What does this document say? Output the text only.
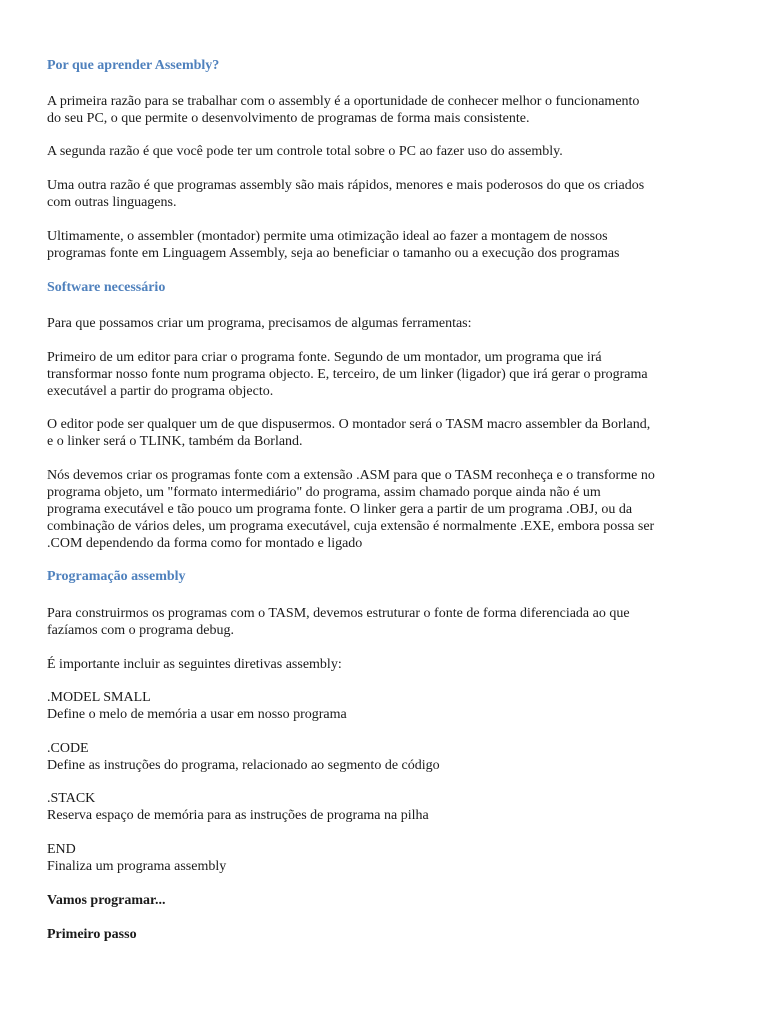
Por que aprender Assembly?
A primeira razão para se trabalhar com o assembly é a oportunidade de conhecer melhor o funcionamento
do seu PC, o que permite o desenvolvimento de programas de forma mais consistente.
A segunda razão é que você pode ter um controle total sobre o PC ao fazer uso do assembly.
Uma outra razão é que programas assembly são mais rápidos, menores e mais poderosos do que os criados
com outras linguagens.
Ultimamente, o assembler (montador) permite uma otimização ideal ao fazer a montagem de nossos
programas fonte em Linguagem Assembly, seja ao beneficiar o tamanho ou a execução dos programas
Software necessário
Para que possamos criar um programa, precisamos de algumas ferramentas:
Primeiro de um editor para criar o programa fonte. Segundo de um montador, um programa que irá
transformar nosso fonte num programa objecto. E, terceiro, de um linker (ligador) que irá gerar o programa
executável a partir do programa objecto.
O editor pode ser qualquer um de que dispusermos. O montador será o TASM macro assembler da Borland,
e o linker será o TLINK, também da Borland.
Nós devemos criar os programas fonte com a extensão .ASM para que o TASM reconheça e o transforme no
programa objeto, um "formato intermediário" do programa, assim chamado porque ainda não é um
programa executável e tão pouco um programa fonte. O linker gera a partir de um programa .OBJ, ou da
combinação de vários deles, um programa executável, cuja extensão é normalmente .EXE, embora possa ser
.COM dependendo da forma como for montado e ligado
Programação assembly
Para construirmos os programas com o TASM, devemos estruturar o fonte de forma diferenciada ao que
fazíamos com o programa debug.
É importante incluir as seguintes diretivas assembly:
.MODEL SMALL
Define o melo de memória a usar em nosso programa
.CODE
Define as instruções do programa, relacionado ao segmento de código
.STACK
Reserva espaço de memória para as instruções de programa na pilha
END
Finaliza um programa assembly
Vamos programar...
Primeiro passo
